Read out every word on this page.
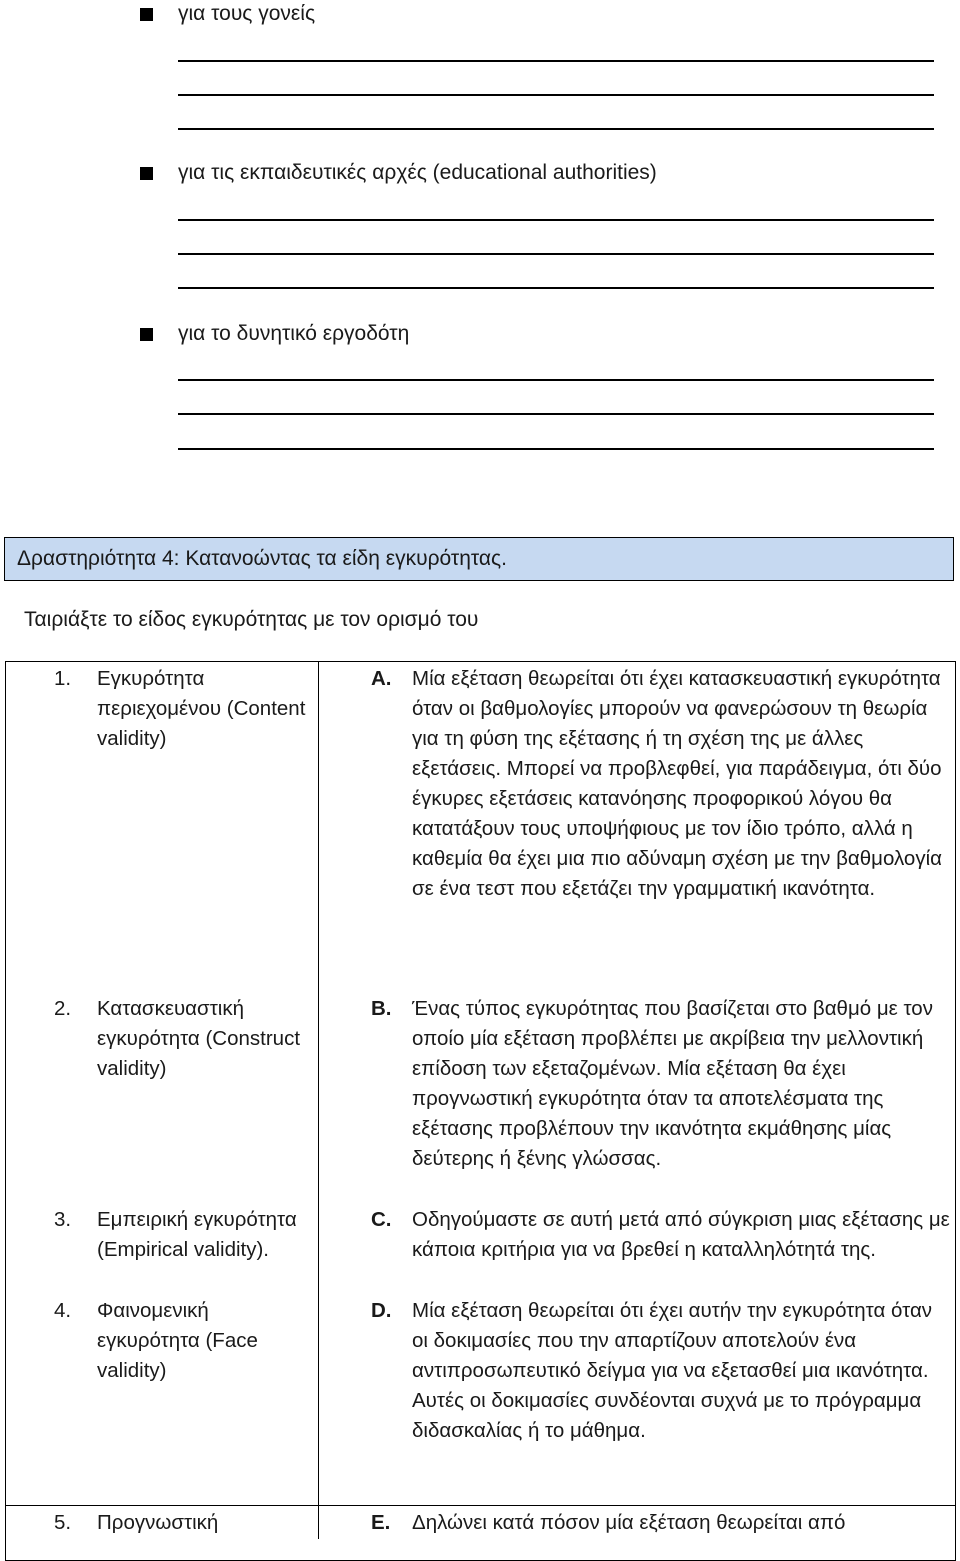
για τους γονείς
για τις εκπαιδευτικές αρχές (educational authorities)
για το δυνητικό εργοδότη
Δραστηριότητα 4: Κατανοώντας τα είδη εγκυρότητας.
Ταιριάξτε το είδος εγκυρότητας με τον ορισμό του
1. Εγκυρότητα περιεχομένου (Content validity)
2. Κατασκευαστική εγκυρότητα (Construct validity)
3. Εμπειρική εγκυρότητα (Empirical validity).
4. Φαινομενική εγκυρότητα (Face validity)
5. Προγνωστική
A. Μία εξέταση θεωρείται ότι έχει κατασκευαστική εγκυρότητα όταν οι βαθμολογίες μπορούν να φανερώσουν τη θεωρία για τη φύση της εξέτασης ή τη σχέση της με άλλες εξετάσεις. Μπορεί να προβλεφθεί, για παράδειγμα, ότι δύο έγκυρες εξετάσεις κατανόησης προφορικού λόγου θα κατατάξουν τους υποψήφιους με τον ίδιο τρόπο, αλλά η καθεμία θα έχει μια πιο αδύναμη σχέση με την βαθμολογία σε ένα τεστ που εξετάζει την γραμματική ικανότητα.
B. Ένας τύπος εγκυρότητας που βασίζεται στο βαθμό με τον οποίο μία εξέταση προβλέπει με ακρίβεια την μελλοντική επίδοση των εξεταζομένων. Μία εξέταση θα έχει προγνωστική εγκυρότητα όταν τα αποτελέσματα της εξέτασης προβλέπουν την ικανότητα εκμάθησης μίας δεύτερης ή ξένης γλώσσας.
C. Οδηγούμαστε σε αυτή μετά από σύγκριση μιας εξέτασης με κάποια κριτήρια για να βρεθεί η καταλληλότητά της.
D. Μία εξέταση θεωρείται ότι έχει αυτήν την εγκυρότητα όταν οι δοκιμασίες που την απαρτίζουν αποτελούν ένα αντιπροσωπευτικό δείγμα για να εξετασθεί μια ικανότητα. Αυτές οι δοκιμασίες συνδέονται συχνά με το πρόγραμμα διδασκαλίας ή το μάθημα.
E. Δηλώνει κατά πόσον μία εξέταση θεωρείται από
